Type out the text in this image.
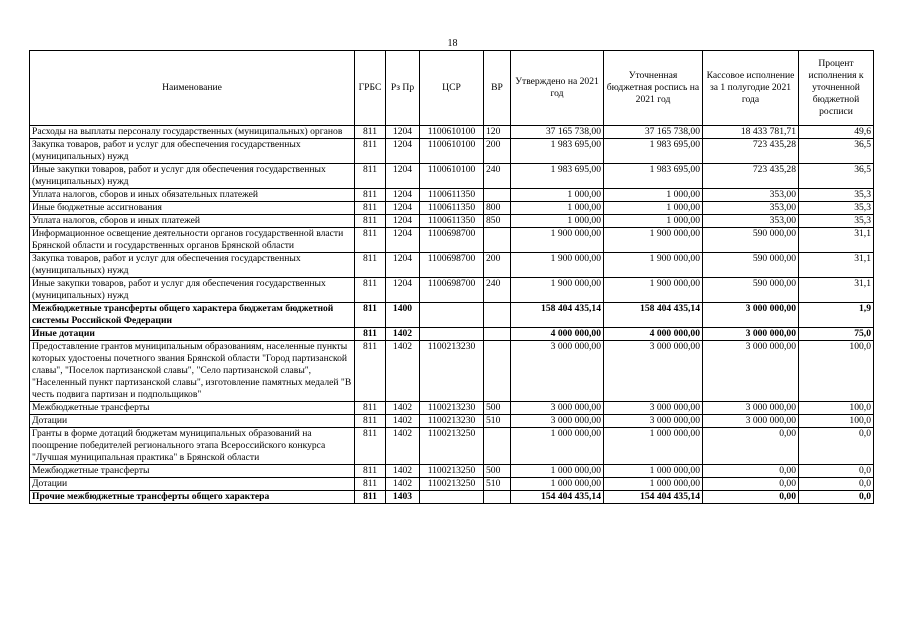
18
Наименование	ГРБС	Рз Пр	ЦСР	ВР	Утверждено на 2021 год	Уточненная бюджетная роспись на 2021 год	Кассовое исполнение за 1 полугодие 2021 года	Процент исполнения к уточненной бюджетной росписи
Расходы на выплаты персоналу государственных (муниципальных) органов	811	1204	1100610100	120	37 165 738,00	37 165 738,00	18 433 781,71	49,6
Закупка товаров, работ и услуг для обеспечения государственных (муниципальных) нужд	811	1204	1100610100	200	1 983 695,00	1 983 695,00	723 435,28	36,5
Иные закупки товаров, работ и услуг для обеспечения государственных (муниципальных) нужд	811	1204	1100610100	240	1 983 695,00	1 983 695,00	723 435,28	36,5
Уплата налогов, сборов и иных обязательных платежей	811	1204	1100611350		1 000,00	1 000,00	353,00	35,3
Иные бюджетные ассигнования	811	1204	1100611350	800	1 000,00	1 000,00	353,00	35,3
Уплата налогов, сборов и иных платежей	811	1204	1100611350	850	1 000,00	1 000,00	353,00	35,3
Информационное освещение деятельности органов государственной власти Брянской области и государственных органов Брянской области	811	1204	1100698700		1 900 000,00	1 900 000,00	590 000,00	31,1
Закупка товаров, работ и услуг для обеспечения государственных (муниципальных) нужд	811	1204	1100698700	200	1 900 000,00	1 900 000,00	590 000,00	31,1
Иные закупки товаров, работ и услуг для обеспечения государственных (муниципальных) нужд	811	1204	1100698700	240	1 900 000,00	1 900 000,00	590 000,00	31,1
Межбюджетные трансферты общего характера бюджетам бюджетной системы Российской Федерации	811	1400			158 404 435,14	158 404 435,14	3 000 000,00	1,9
Иные дотации	811	1402			4 000 000,00	4 000 000,00	3 000 000,00	75,0
Предоставление грантов муниципальным образованиям, населенные пункты которых удостоены почетного звания Брянской области "Город партизанской славы", "Поселок партизанской славы", "Село партизанской славы", "Населенный пункт партизанской славы", изготовление памятных медалей "В честь подвига партизан и подпольщиков"	811	1402	1100213230		3 000 000,00	3 000 000,00	3 000 000,00	100,0
Межбюджетные трансферты	811	1402	1100213230	500	3 000 000,00	3 000 000,00	3 000 000,00	100,0
Дотации	811	1402	1100213230	510	3 000 000,00	3 000 000,00	3 000 000,00	100,0
Гранты в форме дотаций бюджетам муниципальных образований на поощрение победителей регионального этапа Всероссийского конкурса "Лучшая муниципальная практика" в Брянской области	811	1402	1100213250		1 000 000,00	1 000 000,00	0,00	0,0
Межбюджетные трансферты	811	1402	1100213250	500	1 000 000,00	1 000 000,00	0,00	0,0
Дотации	811	1402	1100213250	510	1 000 000,00	1 000 000,00	0,00	0,0
Прочие межбюджетные трансферты общего характера	811	1403			154 404 435,14	154 404 435,14	0,00	0,0
